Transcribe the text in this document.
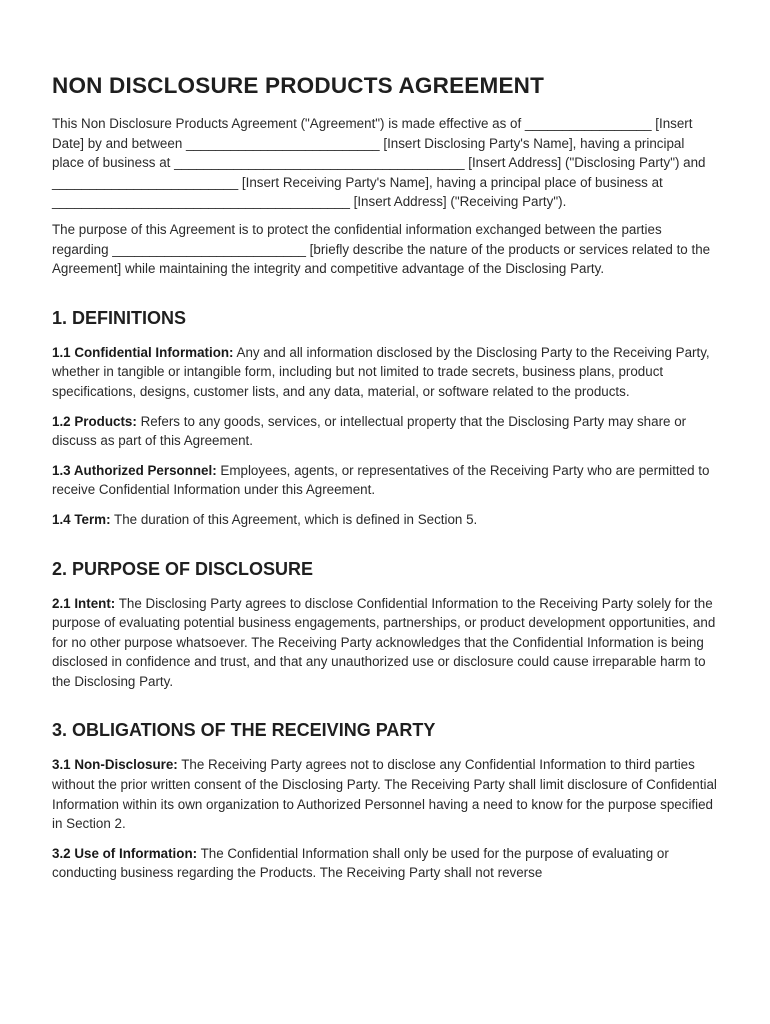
NON DISCLOSURE PRODUCTS AGREEMENT

This Non Disclosure Products Agreement ("Agreement") is made effective as of _________________ [Insert Date] by and between __________________________ [Insert Disclosing Party's Name], having a principal place of business at _______________________________________ [Insert Address] ("Disclosing Party") and _________________________ [Insert Receiving Party's Name], having a principal place of business at ________________________________________ [Insert Address] ("Receiving Party").

The purpose of this Agreement is to protect the confidential information exchanged between the parties regarding __________________________ [briefly describe the nature of the products or services related to the Agreement] while maintaining the integrity and competitive advantage of the Disclosing Party.

1. DEFINITIONS

1.1 Confidential Information: Any and all information disclosed by the Disclosing Party to the Receiving Party, whether in tangible or intangible form, including but not limited to trade secrets, business plans, product specifications, designs, customer lists, and any data, material, or software related to the products.

1.2 Products: Refers to any goods, services, or intellectual property that the Disclosing Party may share or discuss as part of this Agreement.

1.3 Authorized Personnel: Employees, agents, or representatives of the Receiving Party who are permitted to receive Confidential Information under this Agreement.

1.4 Term: The duration of this Agreement, which is defined in Section 5.

2. PURPOSE OF DISCLOSURE

2.1 Intent: The Disclosing Party agrees to disclose Confidential Information to the Receiving Party solely for the purpose of evaluating potential business engagements, partnerships, or product development opportunities, and for no other purpose whatsoever. The Receiving Party acknowledges that the Confidential Information is being disclosed in confidence and trust, and that any unauthorized use or disclosure could cause irreparable harm to the Disclosing Party.

3. OBLIGATIONS OF THE RECEIVING PARTY

3.1 Non-Disclosure: The Receiving Party agrees not to disclose any Confidential Information to third parties without the prior written consent of the Disclosing Party. The Receiving Party shall limit disclosure of Confidential Information within its own organization to Authorized Personnel having a need to know for the purpose specified in Section 2.

3.2 Use of Information: The Confidential Information shall only be used for the purpose of evaluating or conducting business regarding the Products. The Receiving Party shall not reverse
